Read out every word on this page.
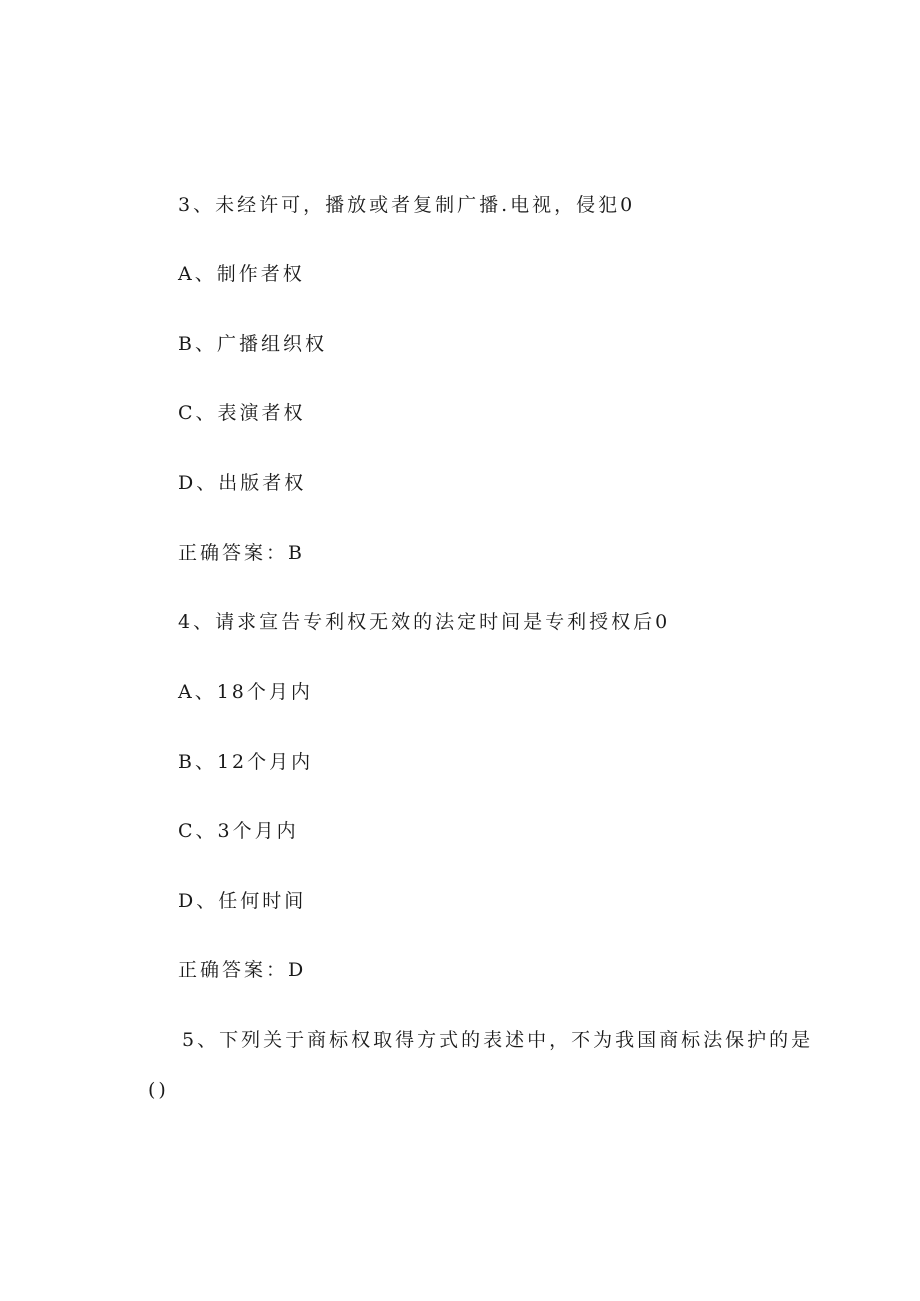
3、未经许可，播放或者复制广播.电视，侵犯0
A、制作者权
B、广播组织权
C、表演者权
D、出版者权
正确答案：B
4、请求宣告专利权无效的法定时间是专利授权后0
A、18个月内
B、12个月内
C、3个月内
D、任何时间
正确答案：D
5、下列关于商标权取得方式的表述中，不为我国商标法保护的是
()
